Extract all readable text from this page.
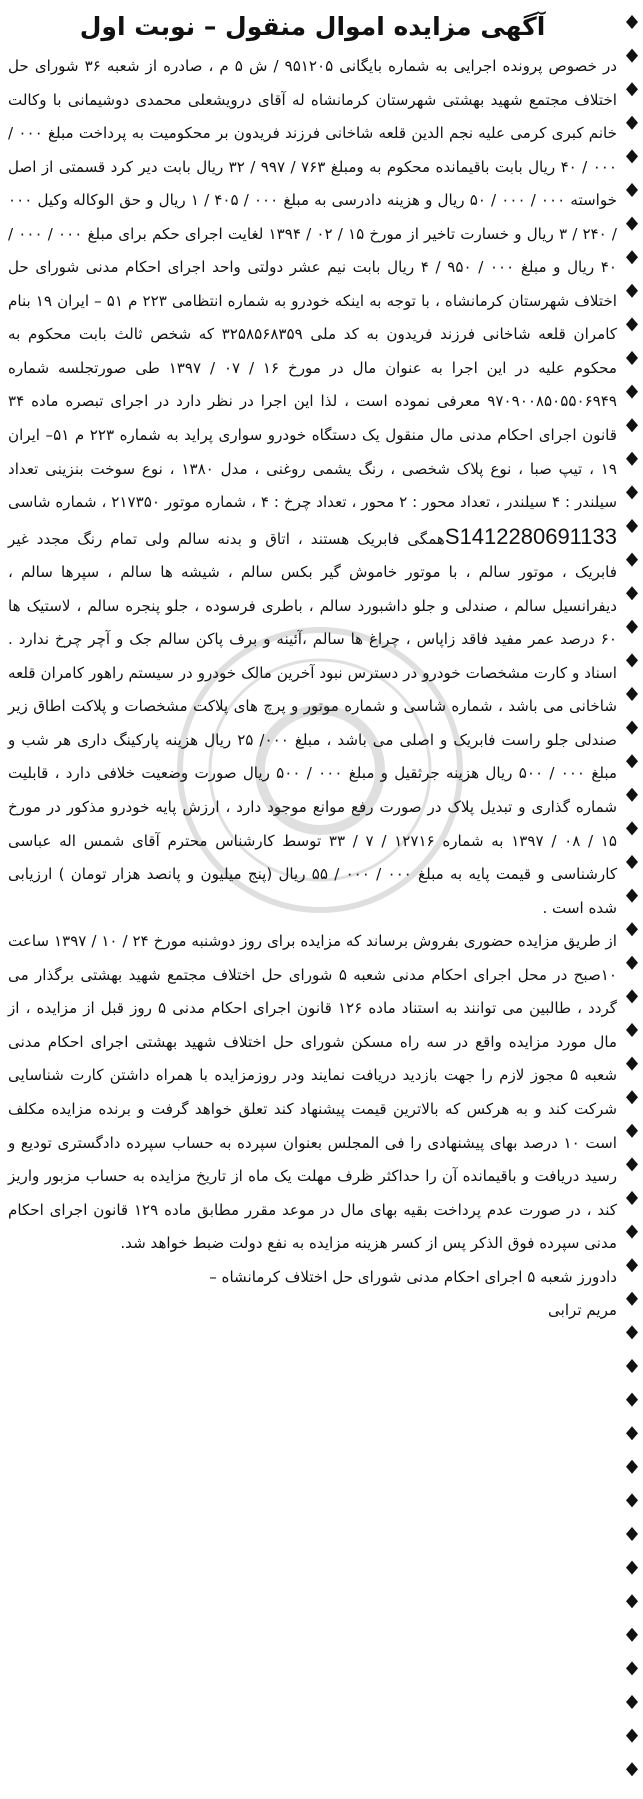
آگهی مزایده اموال منقول – نوبت اول

در خصوص پرونده اجرایی به شماره بایگانی ۹۵۱۲۰۵ / ش ۵ م ، صادره از شعبه ۳۶ شورای حل اختلاف مجتمع شهید بهشتی شهرستان کرمانشاه له آقای درویشعلی محمدی دوشیمانی با وکالت خانم کبری کرمی علیه نجم الدین قلعه شاخانی فرزند فریدون بر محکومیت به پرداخت مبلغ ۰۰۰ / ۰۰۰ / ۴۰ ریال بابت باقیمانده محکوم به ومبلغ ۷۶۳ / ۹۹۷ / ۳۲ ریال بابت دیر کرد قسمتی از اصل خواسته ۰۰۰ / ۰۰۰ / ۵۰ ریال و هزینه دادرسی به مبلغ ۰۰۰ / ۴۰۵ / ۱ ریال و حق الوکاله وکیل ۰۰۰ / ۲۴۰ / ۳ ریال و خسارت تاخیر از مورخ ۱۵ / ۰۲ / ۱۳۹۴ لغایت اجرای حکم برای مبلغ ۰۰۰ / ۰۰۰ / ۴۰ ریال و مبلغ ۰۰۰ / ۹۵۰ / ۴ ریال بابت نیم عشر دولتی واحد اجرای احکام مدنی شورای حل اختلاف شهرستان کرمانشاه ، با توجه به اینکه خودرو به شماره انتظامی ۲۲۳ م ۵۱ – ایران ۱۹ بنام کامران قلعه شاخانی فرزند فریدون به کد ملی ۳۲۵۸۵۶۸۳۵۹ که شخص ثالث بابت محکوم به محکوم علیه در این اجرا به عنوان مال در مورخ ۱۶ / ۰۷ / ۱۳۹۷ طی صورتجلسه شماره ۹۷۰۹۰۰۸۵۰۵۵۰۶۹۴۹ معرفی نموده است ، لذا این اجرا در نظر دارد در اجرای تبصره ماده ۳۴ قانون اجرای احکام مدنی مال منقول یک دستگاه خودرو سواری پراید به شماره ۲۲۳ م ۵۱– ایران ۱۹ ، تیپ صبا ، نوع پلاک شخصی ، رنگ یشمی روغنی ، مدل ۱۳۸۰ ، نوع سوخت بنزینی تعداد سیلندر : ۴ سیلندر ، تعداد محور : ۲ محور ، تعداد چرخ : ۴ ، شماره موتور ۲۱۷۳۵۰ ، شماره شاسی S1412280691133همگی فابریک هستند ، اتاق و بدنه سالم ولی تمام رنگ مجدد غیر فابریک ، موتور سالم ، با موتور خاموش گیر بکس سالم ، شیشه ها سالم ، سپرها سالم ، دیفرانسیل سالم ، صندلی و جلو داشبورد سالم ، باطری فرسوده ، جلو پنجره سالم ، لاستیک ها ۶۰ درصد عمر مفید فاقد زاپاس ، چراغ ها سالم ،آئینه و برف پاکن سالم جک و آچر چرخ ندارد . اسناد و کارت مشخصات خودرو در دسترس نبود آخرین مالک خودرو در سیستم راهور کامران قلعه شاخانی می باشد ، شماره شاسی و شماره موتور و پرچ های پلاکت مشخصات و پلاکت اطاق زیر صندلی جلو راست فابریک و اصلی می باشد ، مبلغ ۰۰۰/ ۲۵ ریال هزینه پارکینگ داری هر شب و مبلغ ۰۰۰ / ۵۰۰ ریال هزینه جرثقیل و مبلغ ۰۰۰ / ۵۰۰ ریال صورت وضعیت خلافی دارد ، قابلیت شماره گذاری و تبدیل پلاک در صورت رفع موانع موجود دارد ، ارزش پایه خودرو مذکور در مورخ ۱۵ / ۰۸ / ۱۳۹۷ به شماره ۱۲۷۱۶ / ۷ / ۳۳ توسط کارشناس محترم آقای شمس اله عباسی کارشناسی و قیمت پایه به مبلغ ۰۰۰ / ۰۰۰ / ۵۵ ریال (پنج میلیون و پانصد هزار تومان ) ارزیابی شده است .

از طریق مزایده حضوری بفروش برساند که مزایده برای روز دوشنبه مورخ ۲۴ / ۱۰ / ۱۳۹۷ ساعت ۱۰صبح در محل اجرای احکام مدنی شعبه ۵ شورای حل اختلاف مجتمع شهید بهشتی برگذار می گردد ، طالبین می توانند به استناد ماده ۱۲۶ قانون اجرای احکام مدنی ۵ روز قبل از مزایده ، از مال مورد مزایده واقع در سه راه مسکن شورای حل اختلاف شهید بهشتی اجرای احکام مدنی شعبه ۵ مجوز لازم را جهت بازدید دریافت نمایند ودر روزمزایده با همراه داشتن کارت شناسایی شرکت کند و به هرکس که بالاترین قیمت پیشنهاد کند تعلق خواهد گرفت و برنده مزایده مکلف است ۱۰ درصد بهای پیشنهادی را فی المجلس بعنوان سپرده به حساب سپرده دادگستری تودیع و رسید دریافت و باقیمانده آن را حداکثر ظرف مهلت یک ماه از تاریخ مزایده به حساب مزبور واریز کند ، در صورت عدم پرداخت بقیه بهای مال در موعد مقرر مطابق ماده ۱۲۹ قانون اجرای احکام مدنی سپرده فوق الذکر پس از کسر هزینه مزایده به نفع دولت ضبط خواهد شد.

دادورز شعبه ۵ اجرای احکام مدنی شورای حل اختلاف کرمانشاه –
مریم ترابی
